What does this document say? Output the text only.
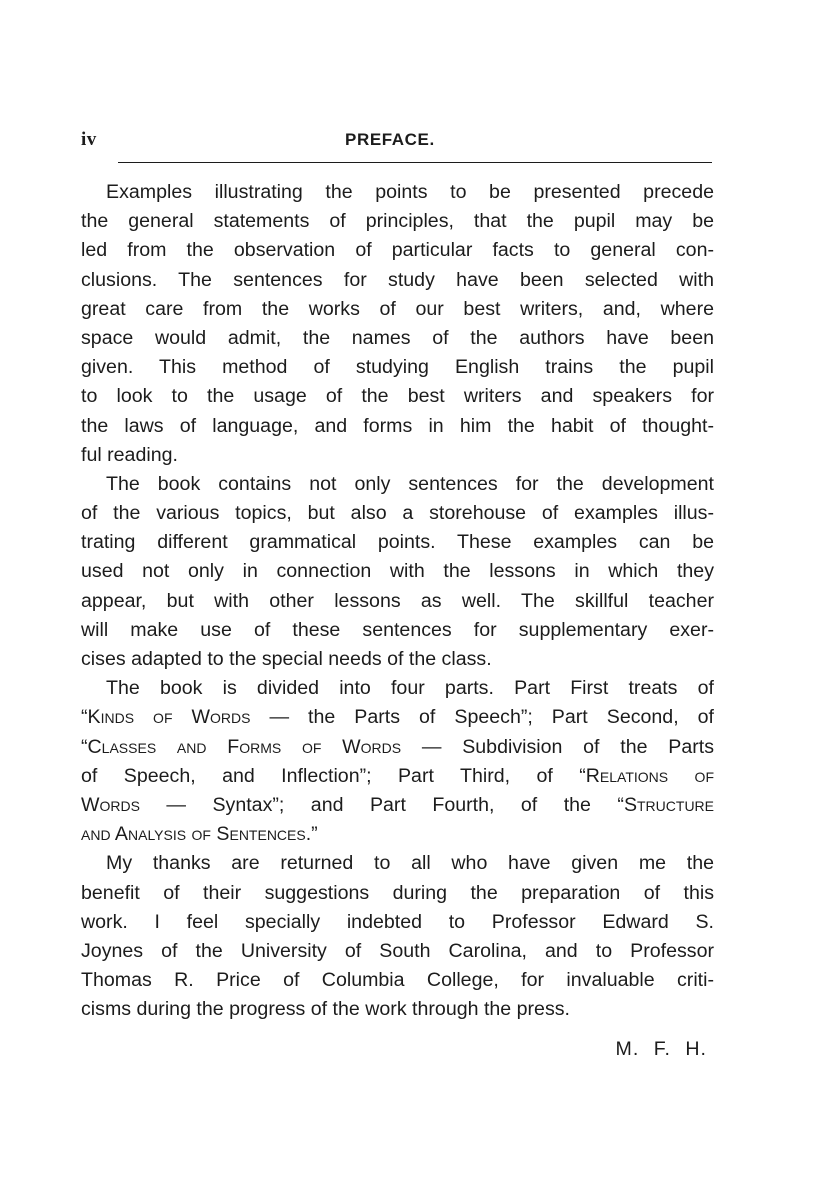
iv	PREFACE.
Examples illustrating the points to be presented precede
the general statements of principles, that the pupil may be
led from the observation of particular facts to general con-
clusions. The sentences for study have been selected with
great care from the works of our best writers, and, where
space would admit, the names of the authors have been
given. This method of studying English trains the pupil
to look to the usage of the best writers and speakers for
the laws of language, and forms in him the habit of thought-
ful reading.
The book contains not only sentences for the development
of the various topics, but also a storehouse of examples illus-
trating different grammatical points. These examples can be
used not only in connection with the lessons in which they
appear, but with other lessons as well. The skillful teacher
will make use of these sentences for supplementary exer-
cises adapted to the special needs of the class.
The book is divided into four parts. Part First treats of
“Kinds of Words — the Parts of Speech”; Part Second, of
“Classes and Forms of Words — Subdivision of the Parts
of Speech, and Inflection”; Part Third, of “Relations of
Words — Syntax”; and Part Fourth, of the “Structure
and Analysis of Sentences.”
My thanks are returned to all who have given me the
benefit of their suggestions during the preparation of this
work. I feel specially indebted to Professor Edward S.
Joynes of the University of South Carolina, and to Professor
Thomas R. Price of Columbia College, for invaluable criti-
cisms during the progress of the work through the press.
M. F. H.
